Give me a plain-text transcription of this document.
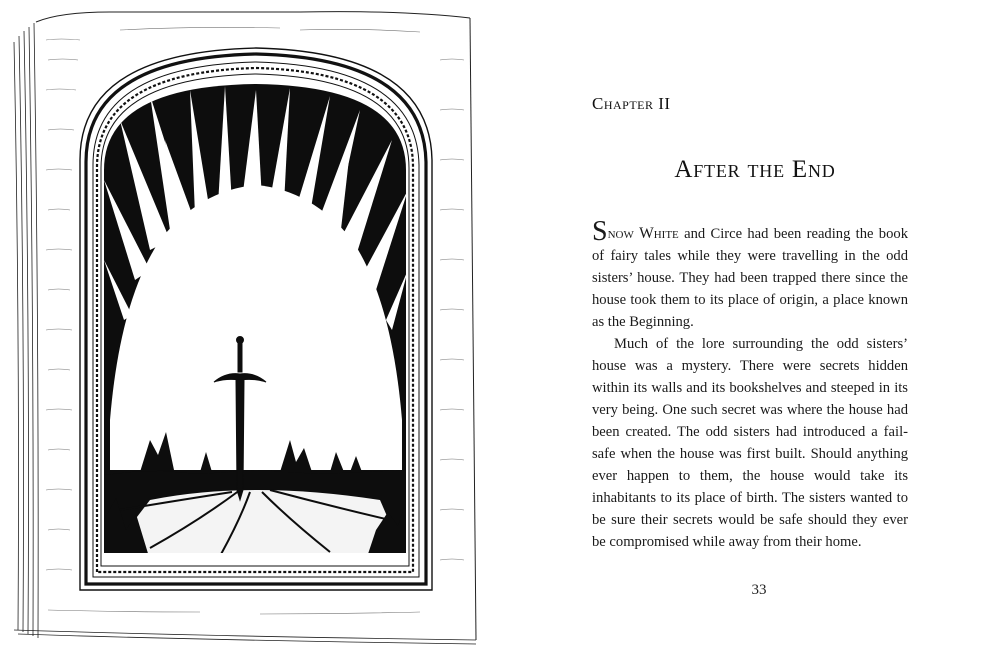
Chapter II
After the End

Snow White and Circe had been reading the book of fairy tales while they were travelling in the odd sisters’ house. They had been trapped there since the house took them to its place of origin, a place known as the Beginning.

Much of the lore surrounding the odd sisters’ house was a mystery. There were secrets hidden within its walls and its bookshelves and steeped in its very being. One such secret was where the house had been created. The odd sisters had introduced a fail-safe when the house was first built. Should anything ever happen to them, the house would take its inhabitants to its place of birth. The sisters wanted to be sure their secrets would be safe should they ever be compromised while away from their home.

33
